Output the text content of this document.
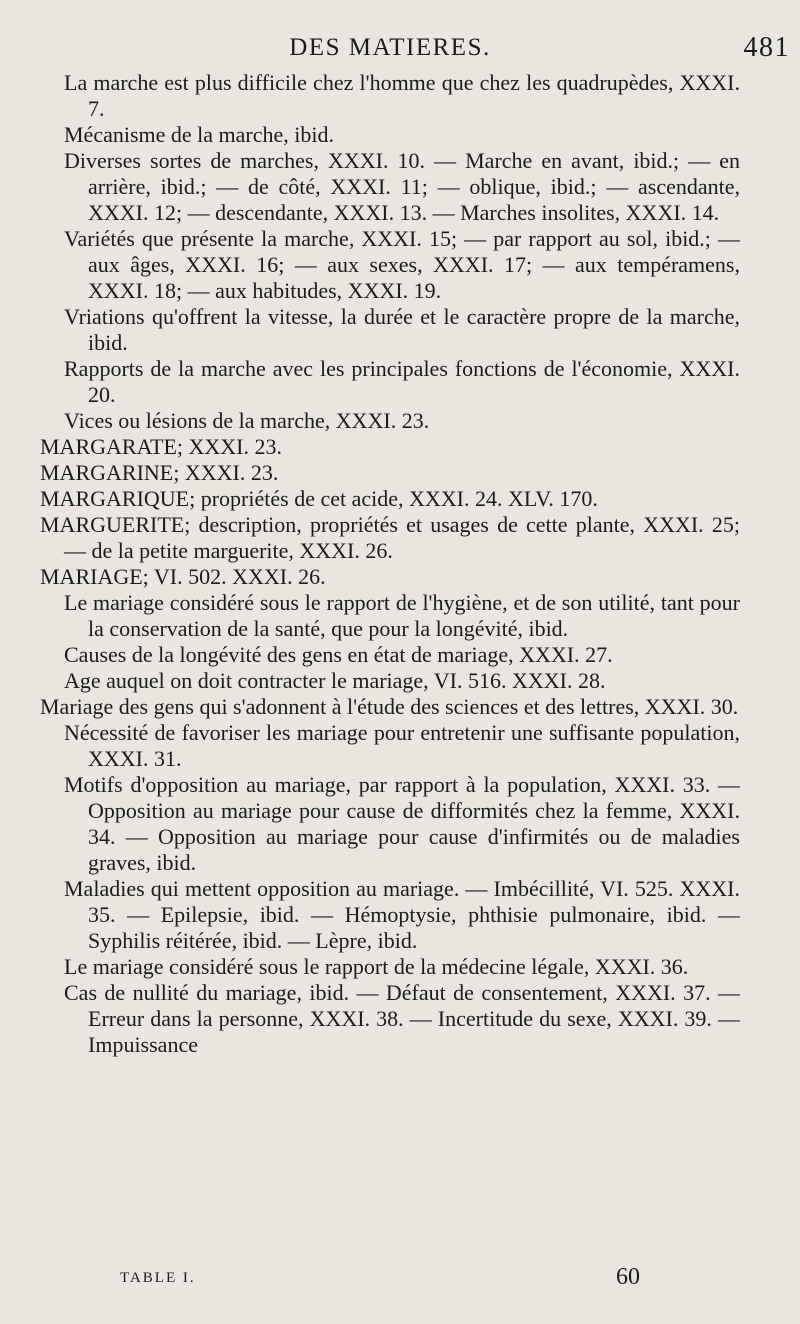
DES MATIERES.	481

La marche est plus difficile chez l'homme que chez les quadrupèdes, XXXI. 7.

Mécanisme de la marche, ibid.

Diverses sortes de marches, XXXI. 10. — Marche en avant, ibid.; — en arrière, ibid.; — de côté, XXXI. 11; — oblique, ibid.; — ascendante, XXXI. 12; — descendante, XXXI. 13. — Marches insolites, XXXI. 14.

Variétés que présente la marche, XXXI. 15; — par rapport au sol, ibid.; — aux âges, XXXI. 16; — aux sexes, XXXI. 17; — aux tempéramens, XXXI. 18; — aux habitudes, XXXI. 19.

Vriations qu'offrent la vitesse, la durée et le caractère propre de la marche, ibid.

Rapports de la marche avec les principales fonctions de l'économie, XXXI. 20.

Vices ou lésions de la marche, XXXI. 23.

MARGARATE; XXXI. 23.

MARGARINE; XXXI. 23.

MARGARIQUE; propriétés de cet acide, XXXI. 24. XLV. 170.

MARGUERITE; description, propriétés et usages de cette plante, XXXI. 25; — de la petite marguerite, XXXI. 26.

MARIAGE; VI. 502. XXXI. 26.

Le mariage considéré sous le rapport de l'hygiène, et de son utilité, tant pour la conservation de la santé, que pour la longévité, ibid.

Causes de la longévité des gens en état de mariage, XXXI. 27.

Age auquel on doit contracter le mariage, VI. 516. XXXI. 28.

Mariage des gens qui s'adonnent à l'étude des sciences et des lettres, XXXI. 30.

Nécessité de favoriser les mariage pour entretenir une suffisante population, XXXI. 31.

Motifs d'opposition au mariage, par rapport à la population, XXXI. 33. — Opposition au mariage pour cause de difformités chez la femme, XXXI. 34. — Opposition au mariage pour cause d'infirmités ou de maladies graves, ibid.

Maladies qui mettent opposition au mariage. — Imbécillité, VI. 525. XXXI. 35. — Epilepsie, ibid. — Hémoptysie, phthisie pulmonaire, ibid. — Syphilis réitérée, ibid. — Lèpre, ibid.

Le mariage considéré sous le rapport de la médecine légale, XXXI. 36.

Cas de nullité du mariage, ibid. — Défaut de consentement, XXXI. 37. — Erreur dans la personne, XXXI. 38. — Incertitude du sexe, XXXI. 39. — Impuissance

TABLE I.	60
